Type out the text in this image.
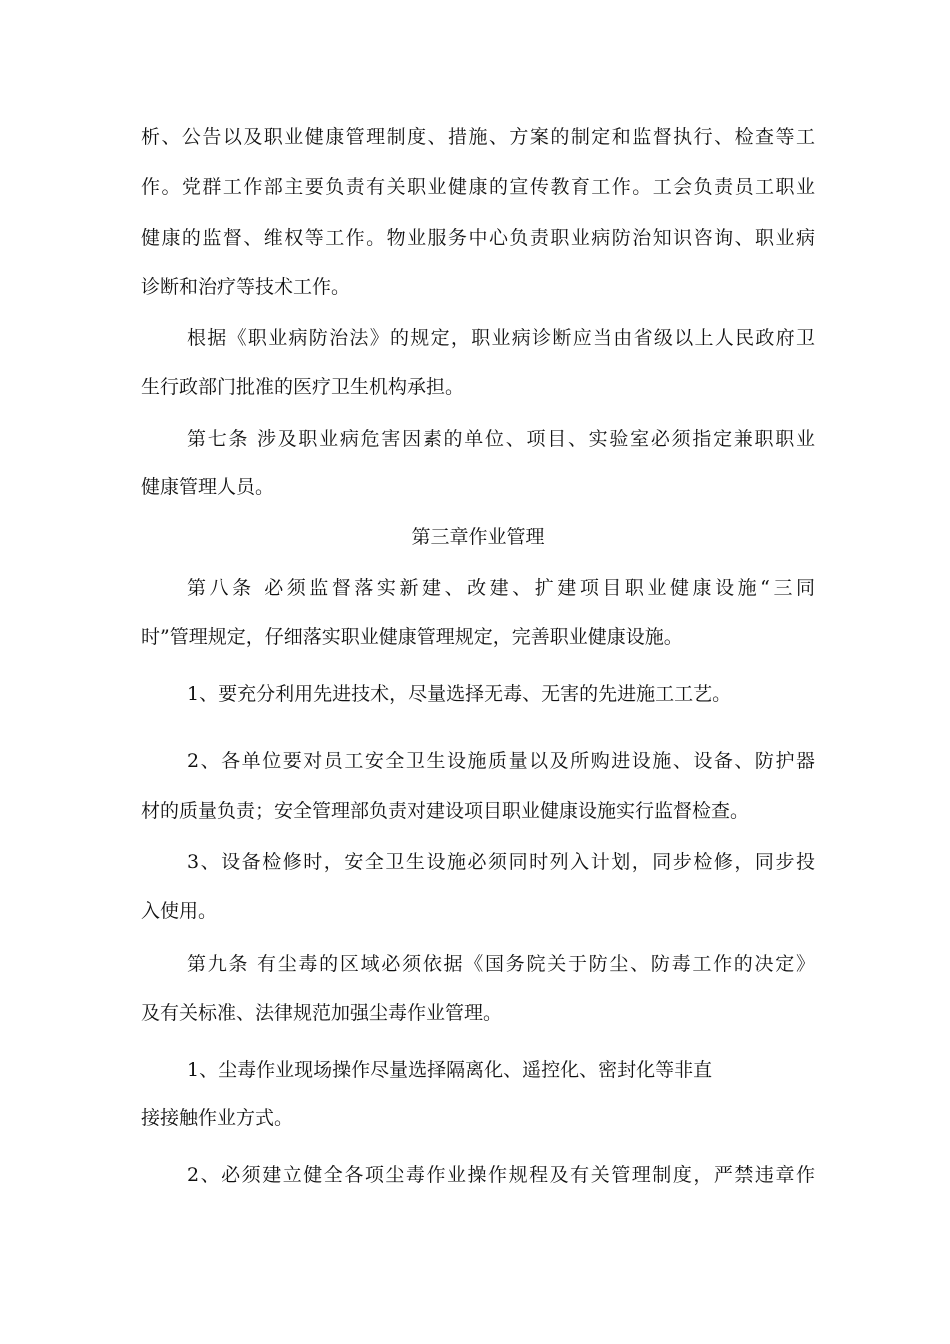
析、公告以及职业健康管理制度、措施、方案的制定和监督执行、检查等工
作。党群工作部主要负责有关职业健康的宣传教育工作。工会负责员工职业
健康的监督、维权等工作。物业服务中心负责职业病防治知识咨询、职业病
诊断和治疗等技术工作。
根据《职业病防治法》的规定，职业病诊断应当由省级以上人民政府卫
生行政部门批准的医疗卫生机构承担。
第七条 涉及职业病危害因素的单位、项目、实验室必须指定兼职职业
健康管理人员。
第三章作业管理
第八条 必须监督落实新建、改建、扩建项目职业健康设施“三同
时”管理规定，仔细落实职业健康管理规定，完善职业健康设施。
1、要充分利用先进技术，尽量选择无毒、无害的先进施工工艺。
2、各单位要对员工安全卫生设施质量以及所购进设施、设备、防护器
材的质量负责；安全管理部负责对建设项目职业健康设施实行监督检查。
3、设备检修时，安全卫生设施必须同时列入计划，同步检修，同步投
入使用。
第九条 有尘毒的区域必须依据《国务院关于防尘、防毒工作的决定》
及有关标准、法律规范加强尘毒作业管理。
1、尘毒作业现场操作尽量选择隔离化、遥控化、密封化等非直
接接触作业方式。
2、必须建立健全各项尘毒作业操作规程及有关管理制度，严禁违章作
